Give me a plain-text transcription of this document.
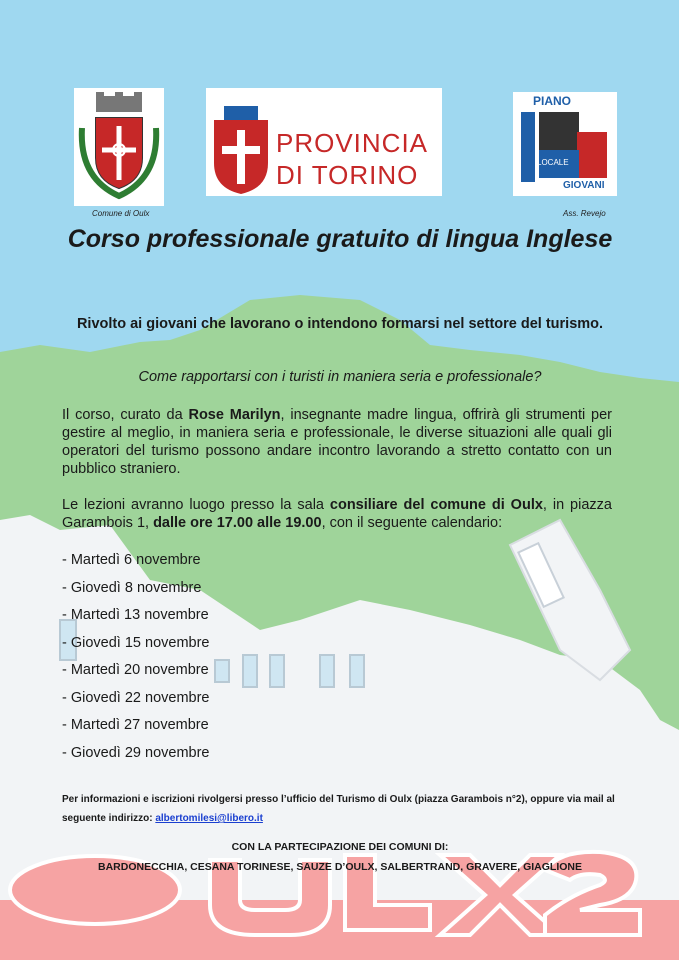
Comune di Oulx
PROVINCIA
DI TORINO
PIANO
LOCALE
GIOVANI
Ass. Revejo
Corso professionale gratuito di lingua Inglese
Rivolto ai giovani che lavorano o intendono formarsi nel settore del turismo.
Come rapportarsi con i turisti in maniera seria e professionale?
Il corso, curato da Rose Marilyn, insegnante madre lingua, offrirà gli strumenti per gestire al meglio, in maniera seria e professionale, le diverse situazioni alle quali gli operatori del turismo possono andare incontro lavorando a stretto contatto con un pubblico straniero.
Le lezioni avranno luogo presso la sala consiliare del comune di Oulx, in piazza Garambois 1, dalle ore 17.00 alle 19.00, con il seguente calendario:
- Martedì 6 novembre
- Giovedì 8 novembre
- Martedì 13 novembre
- Giovedì 15 novembre
- Martedì 20 novembre
- Giovedì 22 novembre
- Martedì 27 novembre
- Giovedì 29 novembre
Per informazioni e iscrizioni rivolgersi presso l’ufficio del Turismo di Oulx (piazza Garambois n°2), oppure via mail al seguente indirizzo: albertomilesi@libero.it
CON LA PARTECIPAZIONE DEI COMUNI DI:
BARDONECCHIA, CESANA TORINESE, SAUZE D’OULX, SALBERTRAND, GRAVERE, GIAGLIONE
